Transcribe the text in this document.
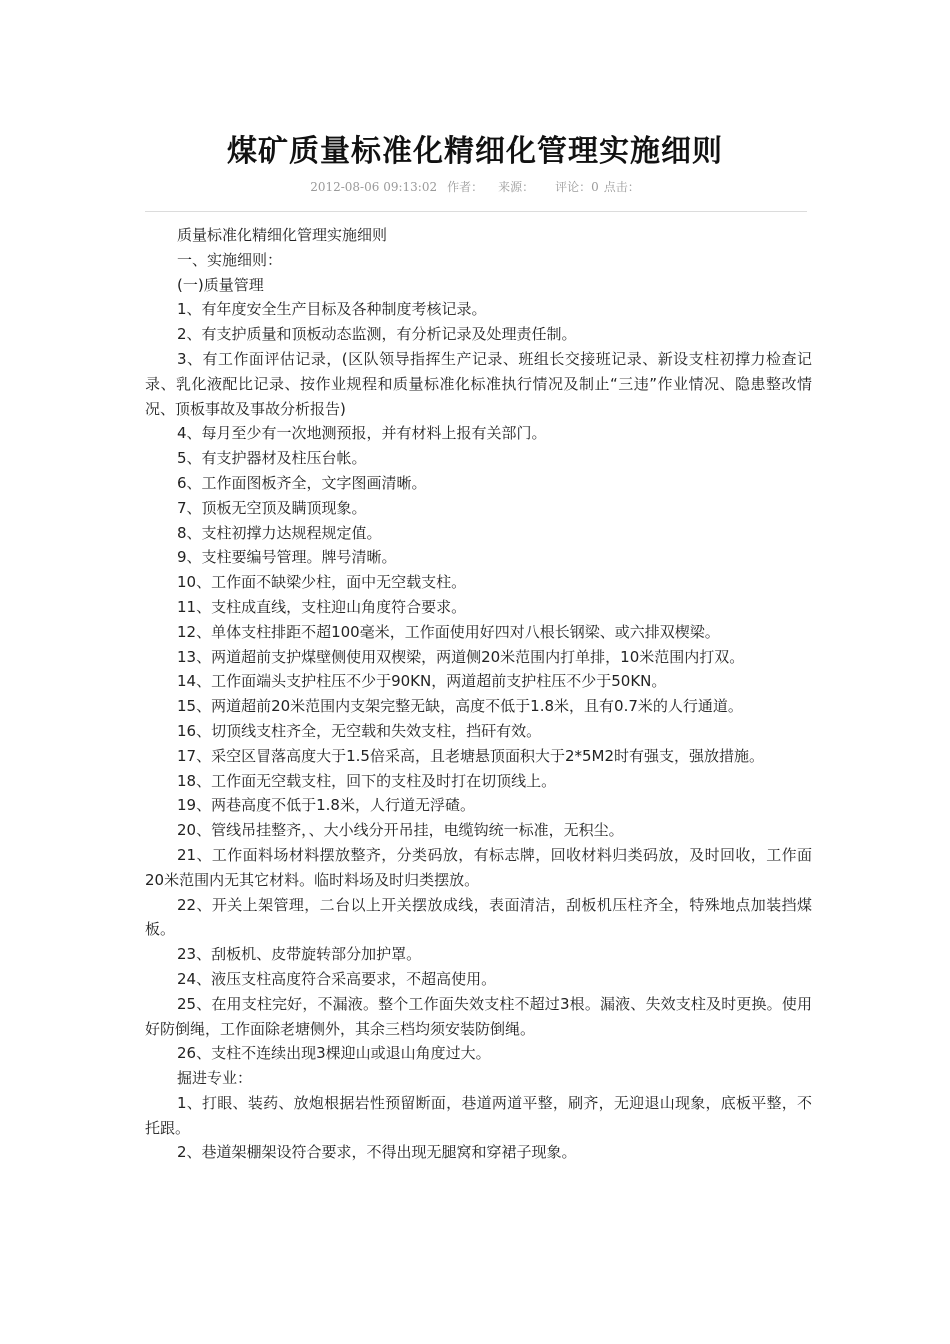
煤矿质量标准化精细化管理实施细则
2012-08-06 09:13:02 作者： 来源： 评论：0 点击：

质量标准化精细化管理实施细则

一、实施细则：

(一)质量管理

1、有年度安全生产目标及各种制度考核记录。

2、有支护质量和顶板动态监测，有分析记录及处理责任制。

3、有工作面评估记录，(区队领导指挥生产记录、班组长交接班记录、新设支柱初撑力检查记录、乳化液配比记录、按作业规程和质量标准化标准执行情况及制止“三违”作业情况、隐患整改情况、顶板事故及事故分析报告)

4、每月至少有一次地测预报，并有材料上报有关部门。

5、有支护器材及柱压台帐。

6、工作面图板齐全，文字图画清晰。

7、顶板无空顶及瞒顶现象。

8、支柱初撑力达规程规定值。

9、支柱要编号管理。牌号清晰。

10、工作面不缺梁少柱，面中无空载支柱。

11、支柱成直线，支柱迎山角度符合要求。

12、单体支柱排距不超100毫米，工作面使用好四对八根长钢梁、或六排双楔梁。

13、两道超前支护煤壁侧使用双楔梁，两道侧20米范围内打单排，10米范围内打双。

14、工作面端头支护柱压不少于90KN，两道超前支护柱压不少于50KN。

15、两道超前20米范围内支架完整无缺，高度不低于1.8米，且有0.7米的人行通道。

16、切顶线支柱齐全，无空载和失效支柱，挡矸有效。

17、采空区冒落高度大于1.5倍采高，且老塘悬顶面积大于2*5M2时有强支，强放措施。

18、工作面无空载支柱，回下的支柱及时打在切顶线上。

19、两巷高度不低于1.8米，人行道无浮碴。

20、管线吊挂整齐，、大小线分开吊挂，电缆钩统一标准，无积尘。

21、工作面料场材料摆放整齐，分类码放，有标志牌，回收材料归类码放，及时回收，工作面20米范围内无其它材料。临时料场及时归类摆放。

22、开关上架管理，二台以上开关摆放成线，表面清洁，刮板机压柱齐全，特殊地点加装挡煤板。

23、刮板机、皮带旋转部分加护罩。

24、液压支柱高度符合采高要求，不超高使用。

25、在用支柱完好，不漏液。整个工作面失效支柱不超过3根。漏液、失效支柱及时更换。使用好防倒绳，工作面除老塘侧外，其余三档均须安装防倒绳。

26、支柱不连续出现3棵迎山或退山角度过大。

掘进专业：

1、打眼、装药、放炮根据岩性预留断面，巷道两道平整，刷齐，无迎退山现象，底板平整，不托跟。

2、巷道架棚架设符合要求，不得出现无腿窝和穿裙子现象。
